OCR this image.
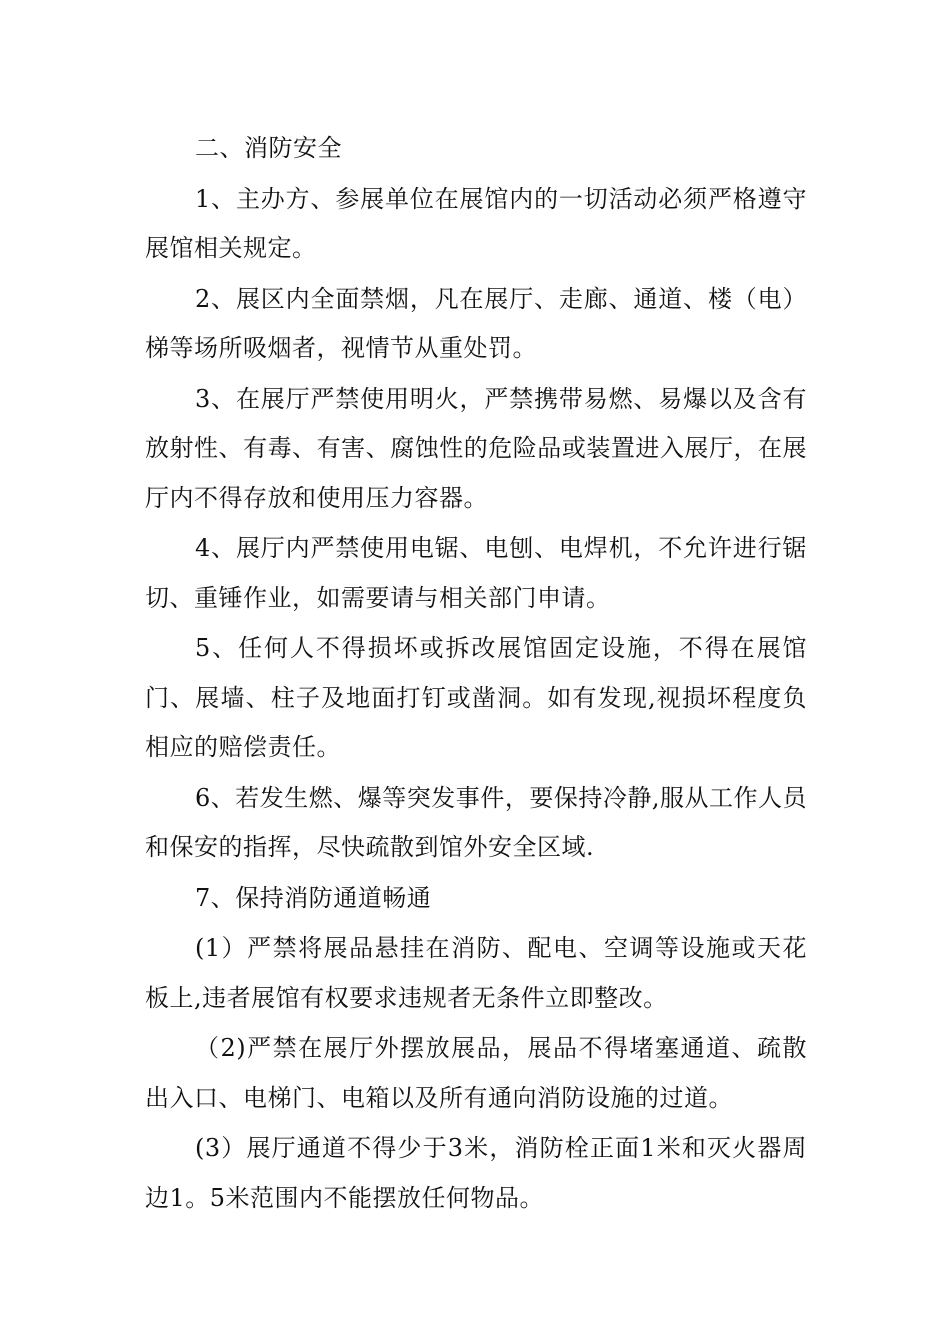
二、消防安全

1、主办方、参展单位在展馆内的一切活动必须严格遵守展馆相关规定。

2、展区内全面禁烟，凡在展厅、走廊、通道、楼（电）梯等场所吸烟者，视情节从重处罚。

3、在展厅严禁使用明火，严禁携带易燃、易爆以及含有放射性、有毒、有害、腐蚀性的危险品或装置进入展厅，在展厅内不得存放和使用压力容器。

4、展厅内严禁使用电锯、电刨、电焊机，不允许进行锯切、重锤作业，如需要请与相关部门申请。

5、任何人不得损坏或拆改展馆固定设施，不得在展馆门、展墙、柱子及地面打钉或凿洞。如有发现,视损坏程度负相应的赔偿责任。

6、若发生燃、爆等突发事件，要保持冷静,服从工作人员和保安的指挥，尽快疏散到馆外安全区域.

7、保持消防通道畅通

(1）严禁将展品悬挂在消防、配电、空调等设施或天花板上,违者展馆有权要求违规者无条件立即整改。

（2)严禁在展厅外摆放展品，展品不得堵塞通道、疏散出入口、电梯门、电箱以及所有通向消防设施的过道。

(3）展厅通道不得少于3米，消防栓正面1米和灭火器周边1。5米范围内不能摆放任何物品。
